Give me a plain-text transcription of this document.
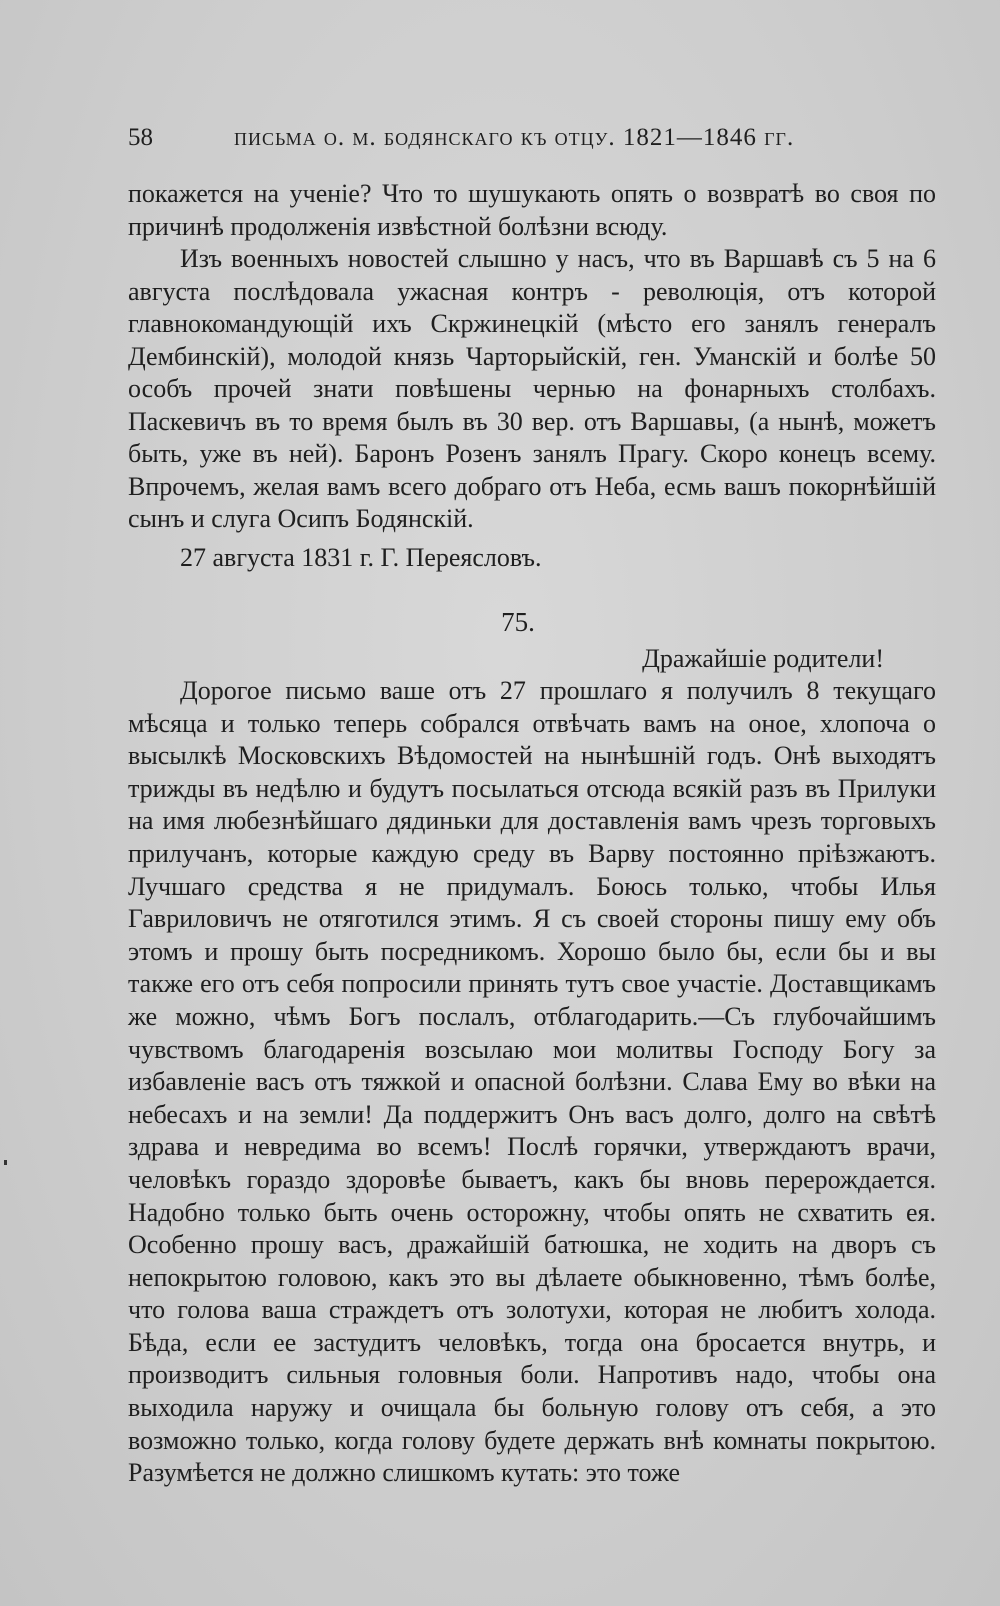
58	письма о. м. бодянскаго къ отцу. 1821—1846 гг.

покажется на ученіе? Что то шушукають опять о возвратѣ во своя по причинѣ продолженія извѣстной болѣзни всюду.

Изъ военныхъ новостей слышно у насъ, что въ Варшавѣ съ 5 на 6 августа послѣдовала ужасная контръ - революція, отъ которой главнокомандующій ихъ Скржинецкій (мѣсто его занялъ генералъ Дембинскій), молодой князь Чарторыйскій, ген. Уманскій и болѣе 50 особъ прочей знати повѣшены чернью на фонарныхъ столбахъ. Паскевичъ въ то время былъ въ 30 вер. отъ Варшавы, (а нынѣ, можетъ быть, уже въ ней). Баронъ Розенъ занялъ Прагу. Скоро конецъ всему. Впрочемъ, желая вамъ всего добраго отъ Неба, есмь вашъ покорнѣйшій сынъ и слуга Осипъ Бодянскій.

27 августа 1831 г. Г. Переясловъ.

75.

Дражайшіе родители!

Дорогое письмо ваше отъ 27 прошлаго я получилъ 8 текущаго мѣсяца и только теперь собрался отвѣчать вамъ на оное, хлопоча о высылкѣ Московскихъ Вѣдомостей на нынѣшній годъ. Онѣ выходятъ трижды въ недѣлю и будутъ посылаться отсюда всякій разъ въ Прилуки на имя любезнѣйшаго дядиньки для доставленія вамъ чрезъ торговыхъ прилучанъ, которые каждую среду въ Варву постоянно пріѣзжаютъ. Лучшаго средства я не придумалъ. Боюсь только, чтобы Илья Гавриловичъ не отяготился этимъ. Я съ своей стороны пишу ему объ этомъ и прошу быть посредникомъ. Хорошо было бы, если бы и вы также его отъ себя попросили принять тутъ свое участіе. Доставщикамъ же можно, чѣмъ Богъ послалъ, отблагодарить.—Съ глубочайшимъ чувствомъ благодаренія возсылаю мои молитвы Господу Богу за избавленіе васъ отъ тяжкой и опасной болѣзни. Слава Ему во вѣки на небесахъ и на земли! Да поддержитъ Онъ васъ долго, долго на свѣтѣ здрава и невредима во всемъ! Послѣ горячки, утверждаютъ врачи, человѣкъ гораздо здоровѣе бываетъ, какъ бы вновь перерождается. Надобно только быть очень осторожну, чтобы опять не схватить ея. Особенно прошу васъ, дражайшій батюшка, не ходить на дворъ съ непокрытою головою, какъ это вы дѣлаете обыкновенно, тѣмъ болѣе, что голова ваша страждетъ отъ золотухи, которая не любитъ холода. Бѣда, если ее застудитъ человѣкъ, тогда она бросается внутрь, и производитъ сильныя головныя боли. Напротивъ надо, чтобы она выходила наружу и очищала бы больную голову отъ себя, а это возможно только, когда голову будете держать внѣ комнаты покрытою. Разумѣется не должно слишкомъ кутать: это тоже
